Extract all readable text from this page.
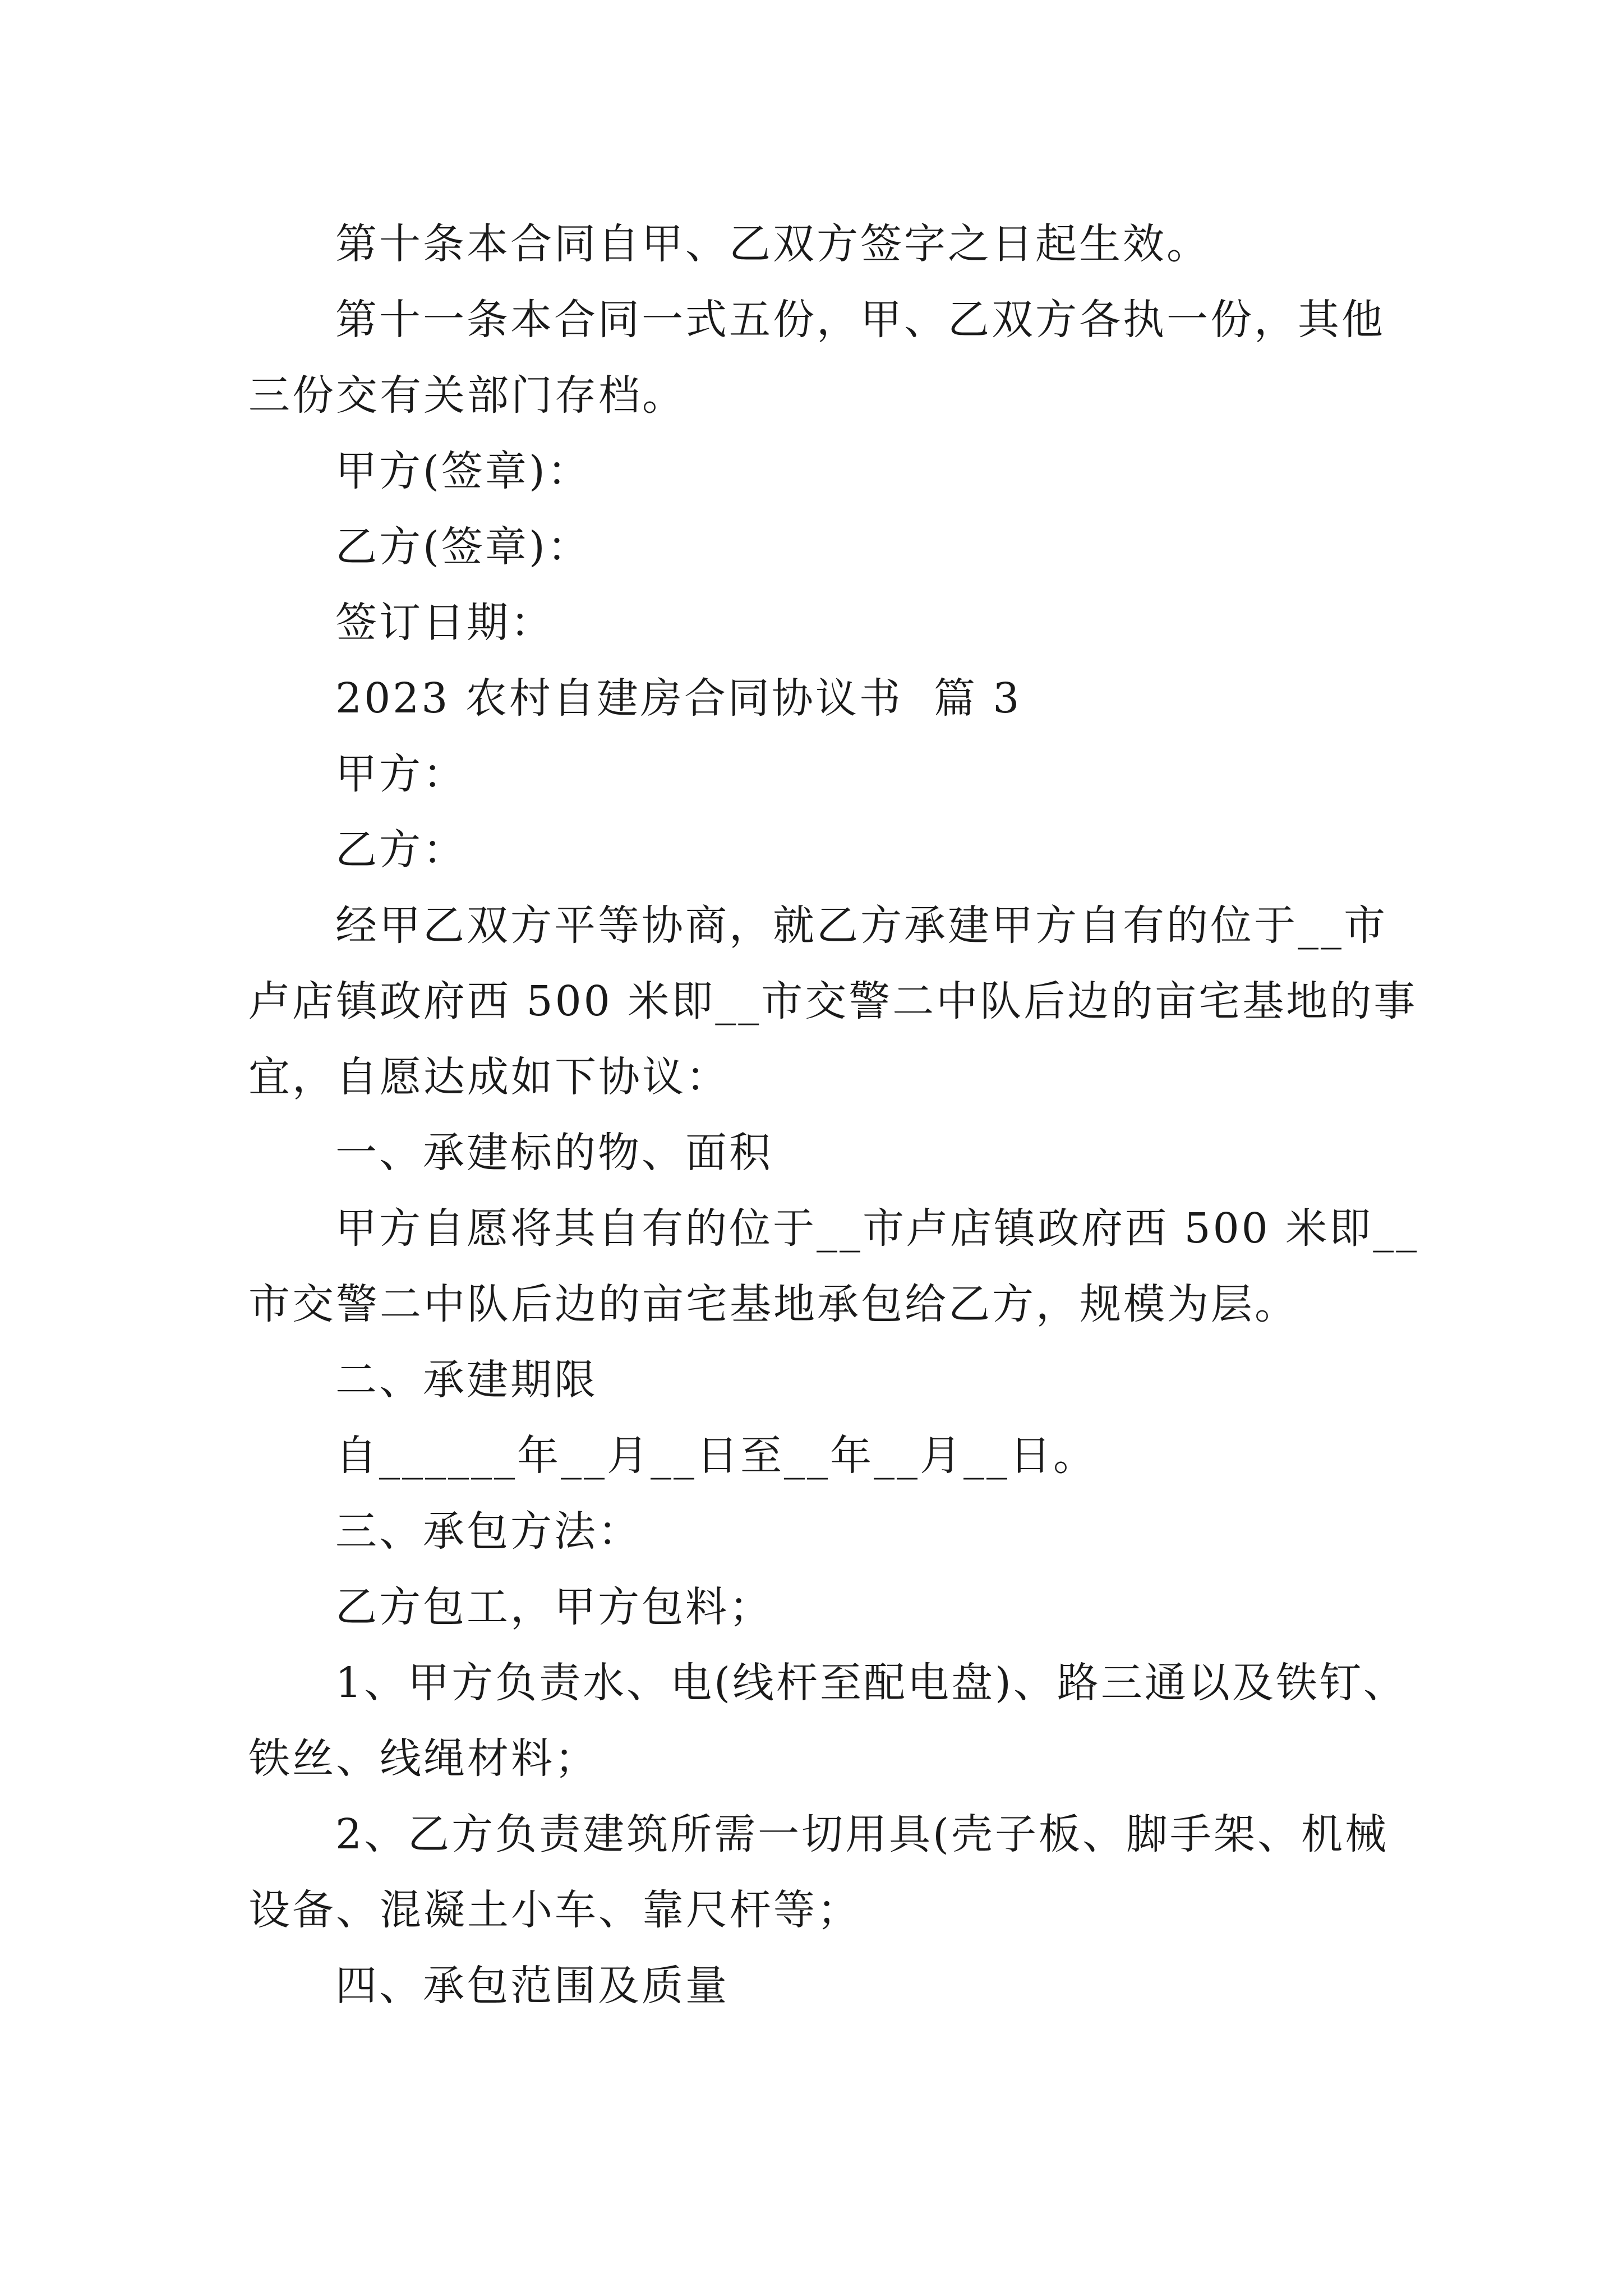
第十条本合同自甲、乙双方签字之日起生效。
第十一条本合同一式五份，甲、乙双方各执一份，其他
三份交有关部门存档。
甲方(签章)：
乙方(签章)：
签订日期：
2023 农村自建房合同协议书  篇 3
甲方：
乙方：
经甲乙双方平等协商，就乙方承建甲方自有的位于__市
卢店镇政府西 500 米即__市交警二中队后边的亩宅基地的事
宜，自愿达成如下协议：
一、承建标的物、面积
甲方自愿将其自有的位于__市卢店镇政府西 500 米即__
市交警二中队后边的亩宅基地承包给乙方，规模为层。
二、承建期限
自______年__月__日至__年__月__日。
三、承包方法：
乙方包工，甲方包料；
1、甲方负责水、电(线杆至配电盘)、路三通以及铁钉、
铁丝、线绳材料；
2、乙方负责建筑所需一切用具(壳子板、脚手架、机械
设备、混凝土小车、靠尺杆等；
四、承包范围及质量
